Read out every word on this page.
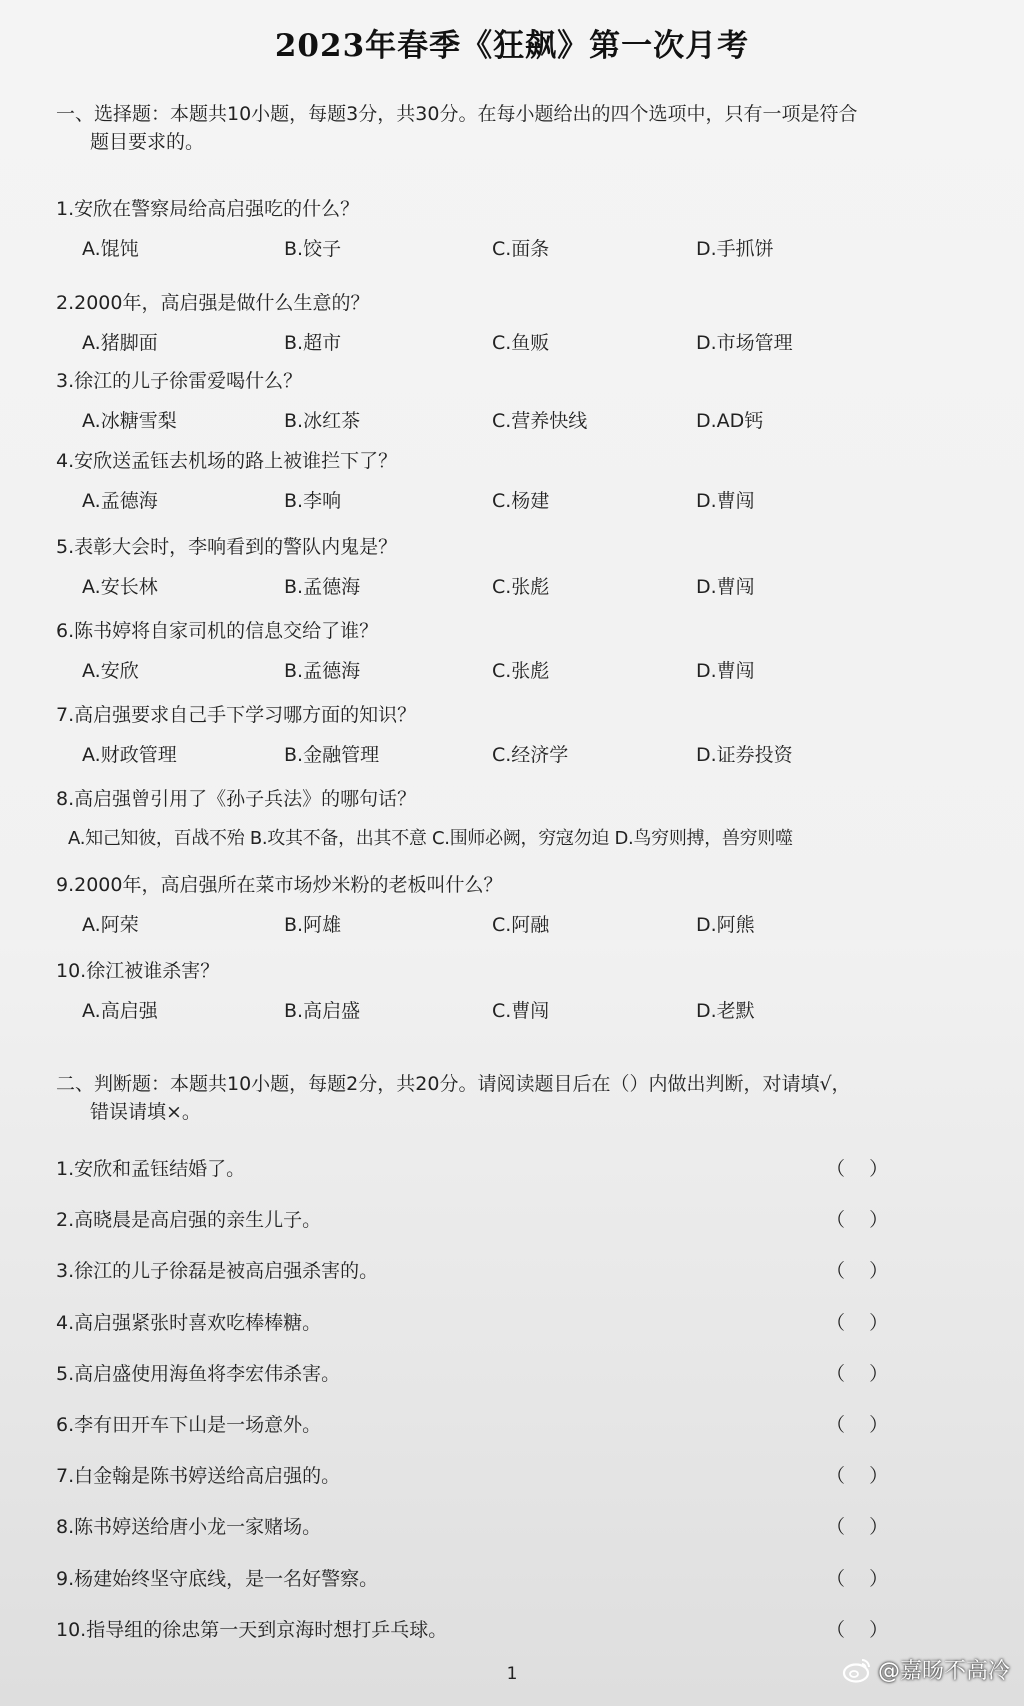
2023年春季《狂飙》第一次月考
一、选择题：本题共10小题，每题3分，共30分。在每小题给出的四个选项中，只有一项是符合
题目要求的。
1.安欣在警察局给高启强吃的什么？
A.馄饨	B.饺子	C.面条	D.手抓饼
2.2000年，高启强是做什么生意的？
A.猪脚面	B.超市	C.鱼贩	D.市场管理
3.徐江的儿子徐雷爱喝什么？
A.冰糖雪梨	B.冰红茶	C.营养快线	D.AD钙
4.安欣送孟钰去机场的路上被谁拦下了？
A.孟德海	B.李响	C.杨建	D.曹闯
5.表彰大会时，李响看到的警队内鬼是？
A.安长林	B.孟德海	C.张彪	D.曹闯
6.陈书婷将自家司机的信息交给了谁？
A.安欣	B.孟德海	C.张彪	D.曹闯
7.高启强要求自己手下学习哪方面的知识？
A.财政管理	B.金融管理	C.经济学	D.证券投资
8.高启强曾引用了《孙子兵法》的哪句话？
A.知己知彼，百战不殆 B.攻其不备，出其不意 C.围师必阙，穷寇勿迫 D.鸟穷则搏，兽穷则噬
9.2000年，高启强所在菜市场炒米粉的老板叫什么？
A.阿荣	B.阿雄	C.阿融	D.阿熊
10.徐江被谁杀害？
A.高启强	B.高启盛	C.曹闯	D.老默
二、判断题：本题共10小题，每题2分，共20分。请阅读题目后在（）内做出判断，对请填√，
错误请填×。
1.安欣和孟钰结婚了。	（    ）
2.高晓晨是高启强的亲生儿子。	（    ）
3.徐江的儿子徐磊是被高启强杀害的。	（    ）
4.高启强紧张时喜欢吃棒棒糖。	（    ）
5.高启盛使用海鱼将李宏伟杀害。	（    ）
6.李有田开车下山是一场意外。	（    ）
7.白金翰是陈书婷送给高启强的。	（    ）
8.陈书婷送给唐小龙一家赌场。	（    ）
9.杨建始终坚守底线，是一名好警察。	（    ）
10.指导组的徐忠第一天到京海时想打乒乓球。	（    ）
1	@嘉旸不高冷
